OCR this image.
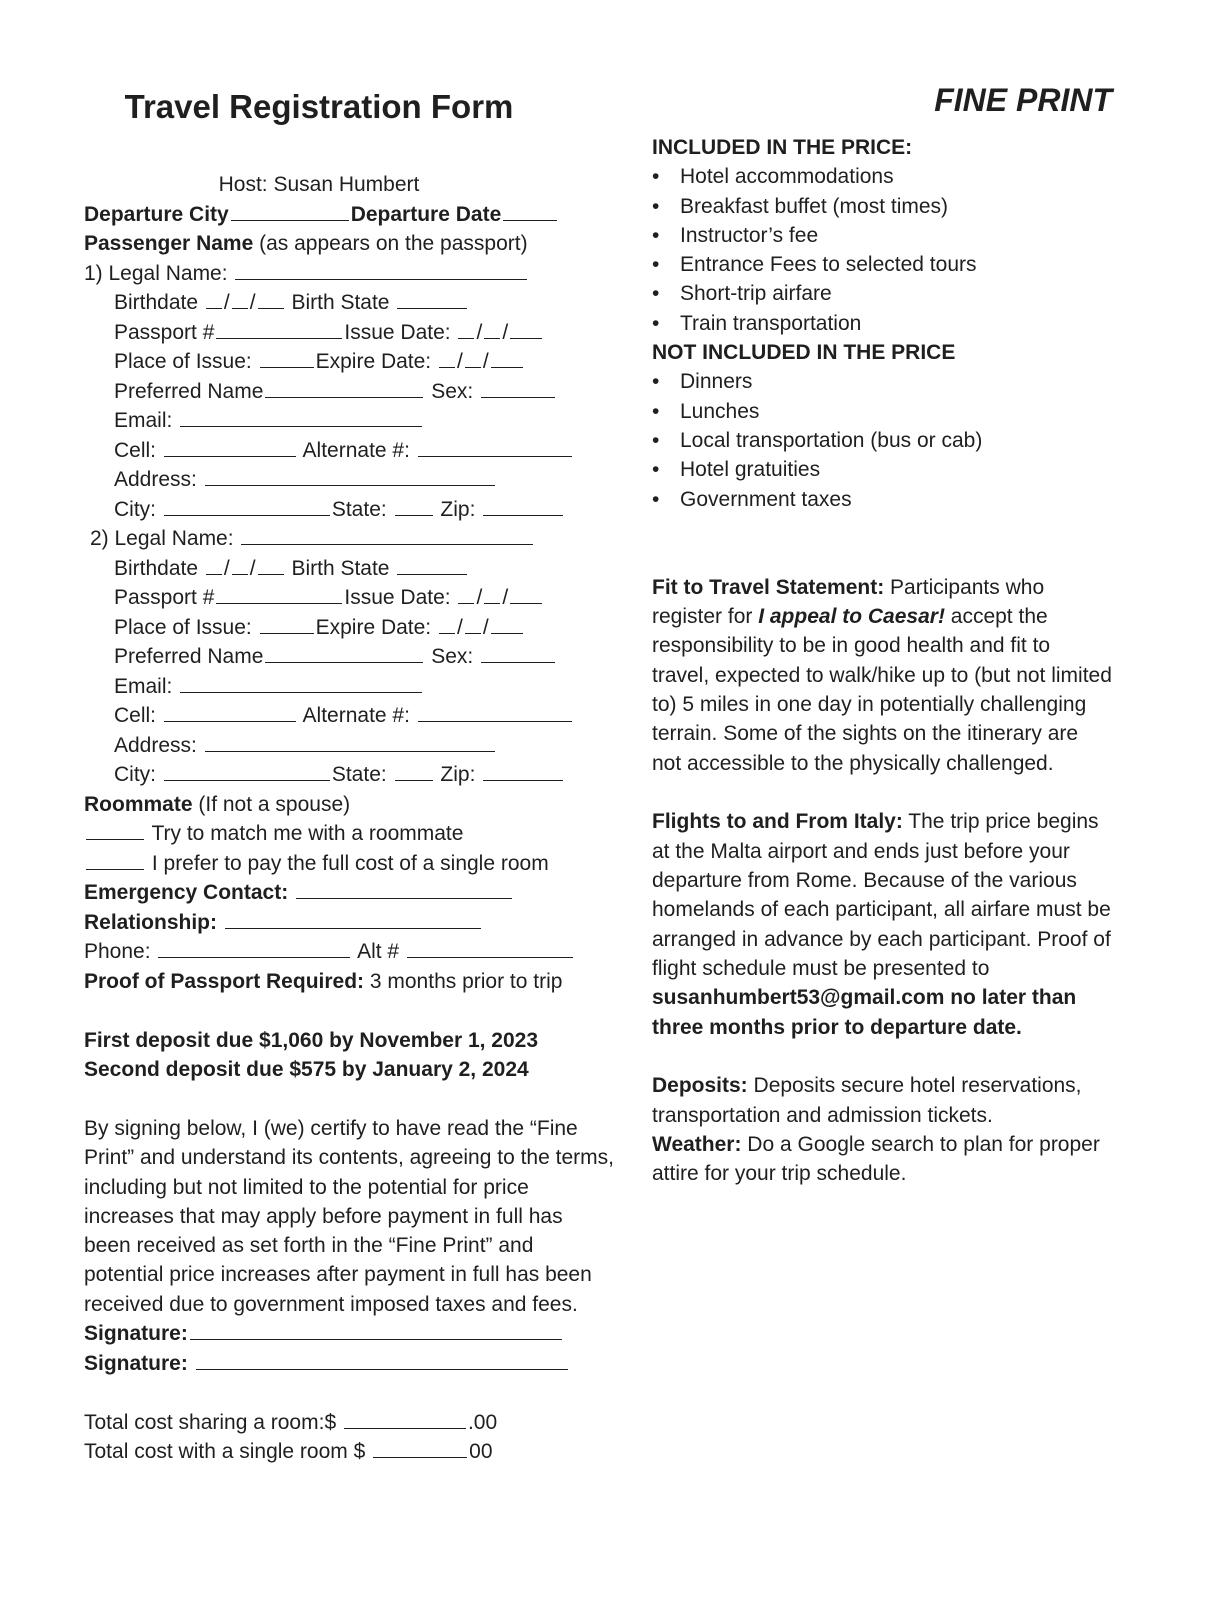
Travel Registration Form
Host: Susan Humbert
Departure City	Departure Date
Passenger Name (as appears on the passport)
1) Legal Name:
Birthdate / / Birth State
Passport #	Issue Date: / /
Place of Issue:	Expire Date: / /
Preferred Name	Sex:
Email:
Cell:	Alternate #:
Address:
City:	State:	Zip:
2) Legal Name:
Birthdate / / Birth State
Passport #	Issue Date: / /
Place of Issue:	Expire Date: / /
Preferred Name	Sex:
Email:
Cell:	Alternate #:
Address:
City:	State:	Zip:
Roommate (If not a spouse)
Try to match me with a roommate
I prefer to pay the full cost of a single room
Emergency Contact:
Relationship:
Phone:	Alt #
Proof of Passport Required: 3 months prior to trip
First deposit due $1,060 by November 1, 2023
Second deposit due $575 by January 2, 2024
By signing below, I (we) certify to have read the “Fine Print” and understand its contents, agreeing to the terms, including but not limited to the potential for price increases that may apply before payment in full has been received as set forth in the “Fine Print” and potential price increases after payment in full has been received due to government imposed taxes and fees.
Signature:
Signature:
Total cost sharing a room:$	.00
Total cost with a single room $	00
FINE PRINT
INCLUDED IN THE PRICE:
• Hotel accommodations
• Breakfast buffet (most times)
• Instructor’s fee
• Entrance Fees to selected tours
• Short-trip airfare
• Train transportation
NOT INCLUDED IN THE PRICE
• Dinners
• Lunches
• Local transportation (bus or cab)
• Hotel gratuities
• Government taxes
Fit to Travel Statement: Participants who register for I appeal to Caesar! accept the responsibility to be in good health and fit to travel, expected to walk/hike up to (but not limited to) 5 miles in one day in potentially challenging terrain. Some of the sights on the itinerary are not accessible to the physically challenged.
Flights to and From Italy: The trip price begins at the Malta airport and ends just before your departure from Rome. Because of the various homelands of each participant, all airfare must be arranged in advance by each participant. Proof of flight schedule must be presented to susanhumbert53@gmail.com no later than three months prior to departure date.
Deposits: Deposits secure hotel reservations, transportation and admission tickets.
Weather: Do a Google search to plan for proper attire for your trip schedule.
